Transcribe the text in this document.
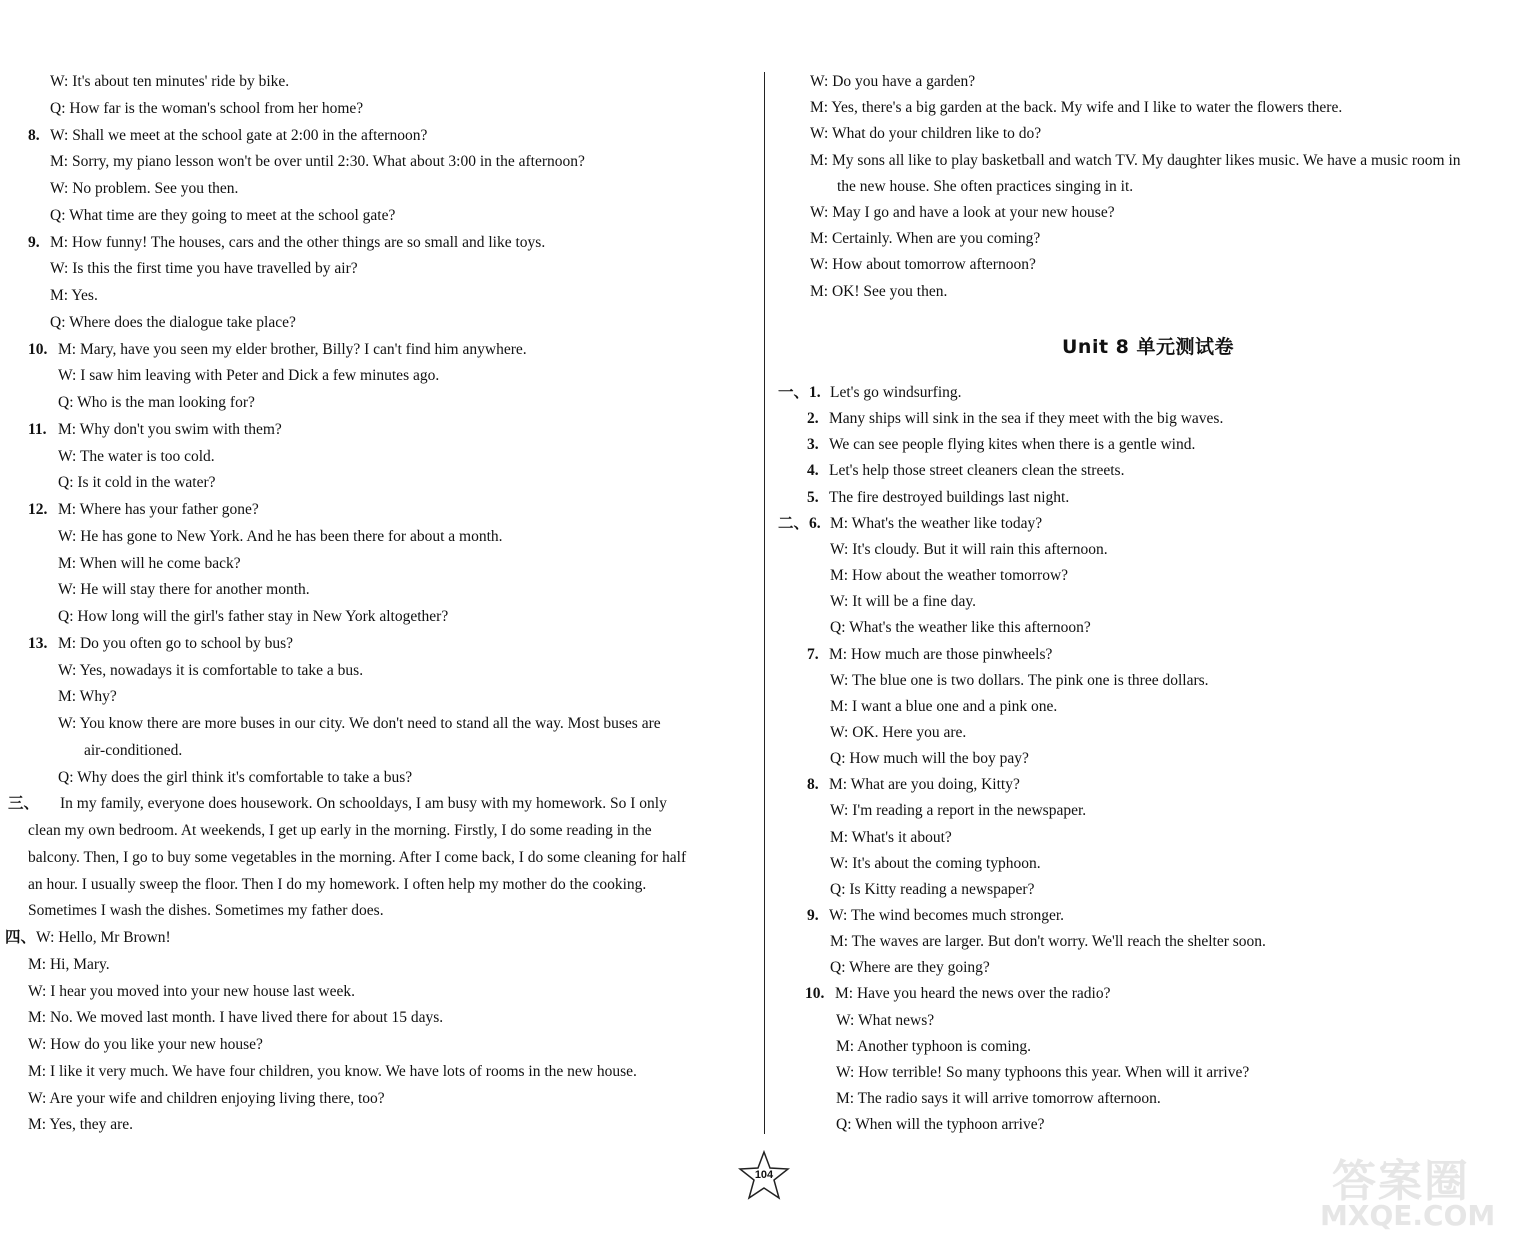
W: It's about ten minutes' ride by bike.
Q: How far is the woman's school from her home?
8. W: Shall we meet at the school gate at 2:00 in the afternoon?
M: Sorry, my piano lesson won't be over until 2:30. What about 3:00 in the afternoon?
W: No problem. See you then.
Q: What time are they going to meet at the school gate?
9. M: How funny! The houses, cars and the other things are so small and like toys.
W: Is this the first time you have travelled by air?
M: Yes.
Q: Where does the dialogue take place?
10. M: Mary, have you seen my elder brother, Billy? I can't find him anywhere.
W: I saw him leaving with Peter and Dick a few minutes ago.
Q: Who is the man looking for?
11. M: Why don't you swim with them?
W: The water is too cold.
Q: Is it cold in the water?
12. M: Where has your father gone?
W: He has gone to New York. And he has been there for about a month.
M: When will he come back?
W: He will stay there for another month.
Q: How long will the girl's father stay in New York altogether?
13. M: Do you often go to school by bus?
W: Yes, nowadays it is comfortable to take a bus.
M: Why?
W: You know there are more buses in our city. We don't need to stand all the way. Most buses are
air-conditioned.
Q: Why does the girl think it's comfortable to take a bus?
三、 In my family, everyone does housework. On schooldays, I am busy with my homework. So I only
clean my own bedroom. At weekends, I get up early in the morning. Firstly, I do some reading in the
balcony. Then, I go to buy some vegetables in the morning. After I come back, I do some cleaning for half
an hour. I usually sweep the floor. Then I do my homework. I often help my mother do the cooking.
Sometimes I wash the dishes. Sometimes my father does.
四、W: Hello, Mr Brown!
M: Hi, Mary.
W: I hear you moved into your new house last week.
M: No. We moved last month. I have lived there for about 15 days.
W: How do you like your new house?
M: I like it very much. We have four children, you know. We have lots of rooms in the new house.
W: Are your wife and children enjoying living there, too?
M: Yes, they are.
W: Do you have a garden?
M: Yes, there's a big garden at the back. My wife and I like to water the flowers there.
W: What do your children like to do?
M: My sons all like to play basketball and watch TV. My daughter likes music. We have a music room in
the new house. She often practices singing in it.
W: May I go and have a look at your new house?
M: Certainly. When are you coming?
W: How about tomorrow afternoon?
M: OK! See you then.
一、1. Let's go windsurfing.
2. Many ships will sink in the sea if they meet with the big waves.
3. We can see people flying kites when there is a gentle wind.
4. Let's help those street cleaners clean the streets.
5. The fire destroyed buildings last night.
二、6. M: What's the weather like today?
W: It's cloudy. But it will rain this afternoon.
M: How about the weather tomorrow?
W: It will be a fine day.
Q: What's the weather like this afternoon?
7. M: How much are those pinwheels?
W: The blue one is two dollars. The pink one is three dollars.
M: I want a blue one and a pink one.
W: OK. Here you are.
Q: How much will the boy pay?
8. M: What are you doing, Kitty?
W: I'm reading a report in the newspaper.
M: What's it about?
W: It's about the coming typhoon.
Q: Is Kitty reading a newspaper?
9. W: The wind becomes much stronger.
M: The waves are larger. But don't worry. We'll reach the shelter soon.
Q: Where are they going?
10. M: Have you heard the news over the radio?
W: What news?
M: Another typhoon is coming.
W: How terrible! So many typhoons this year. When will it arrive?
M: The radio says it will arrive tomorrow afternoon.
Q: When will the typhoon arrive?
Unit 8 单元测试卷
104	答案圈
MXQE.COM
